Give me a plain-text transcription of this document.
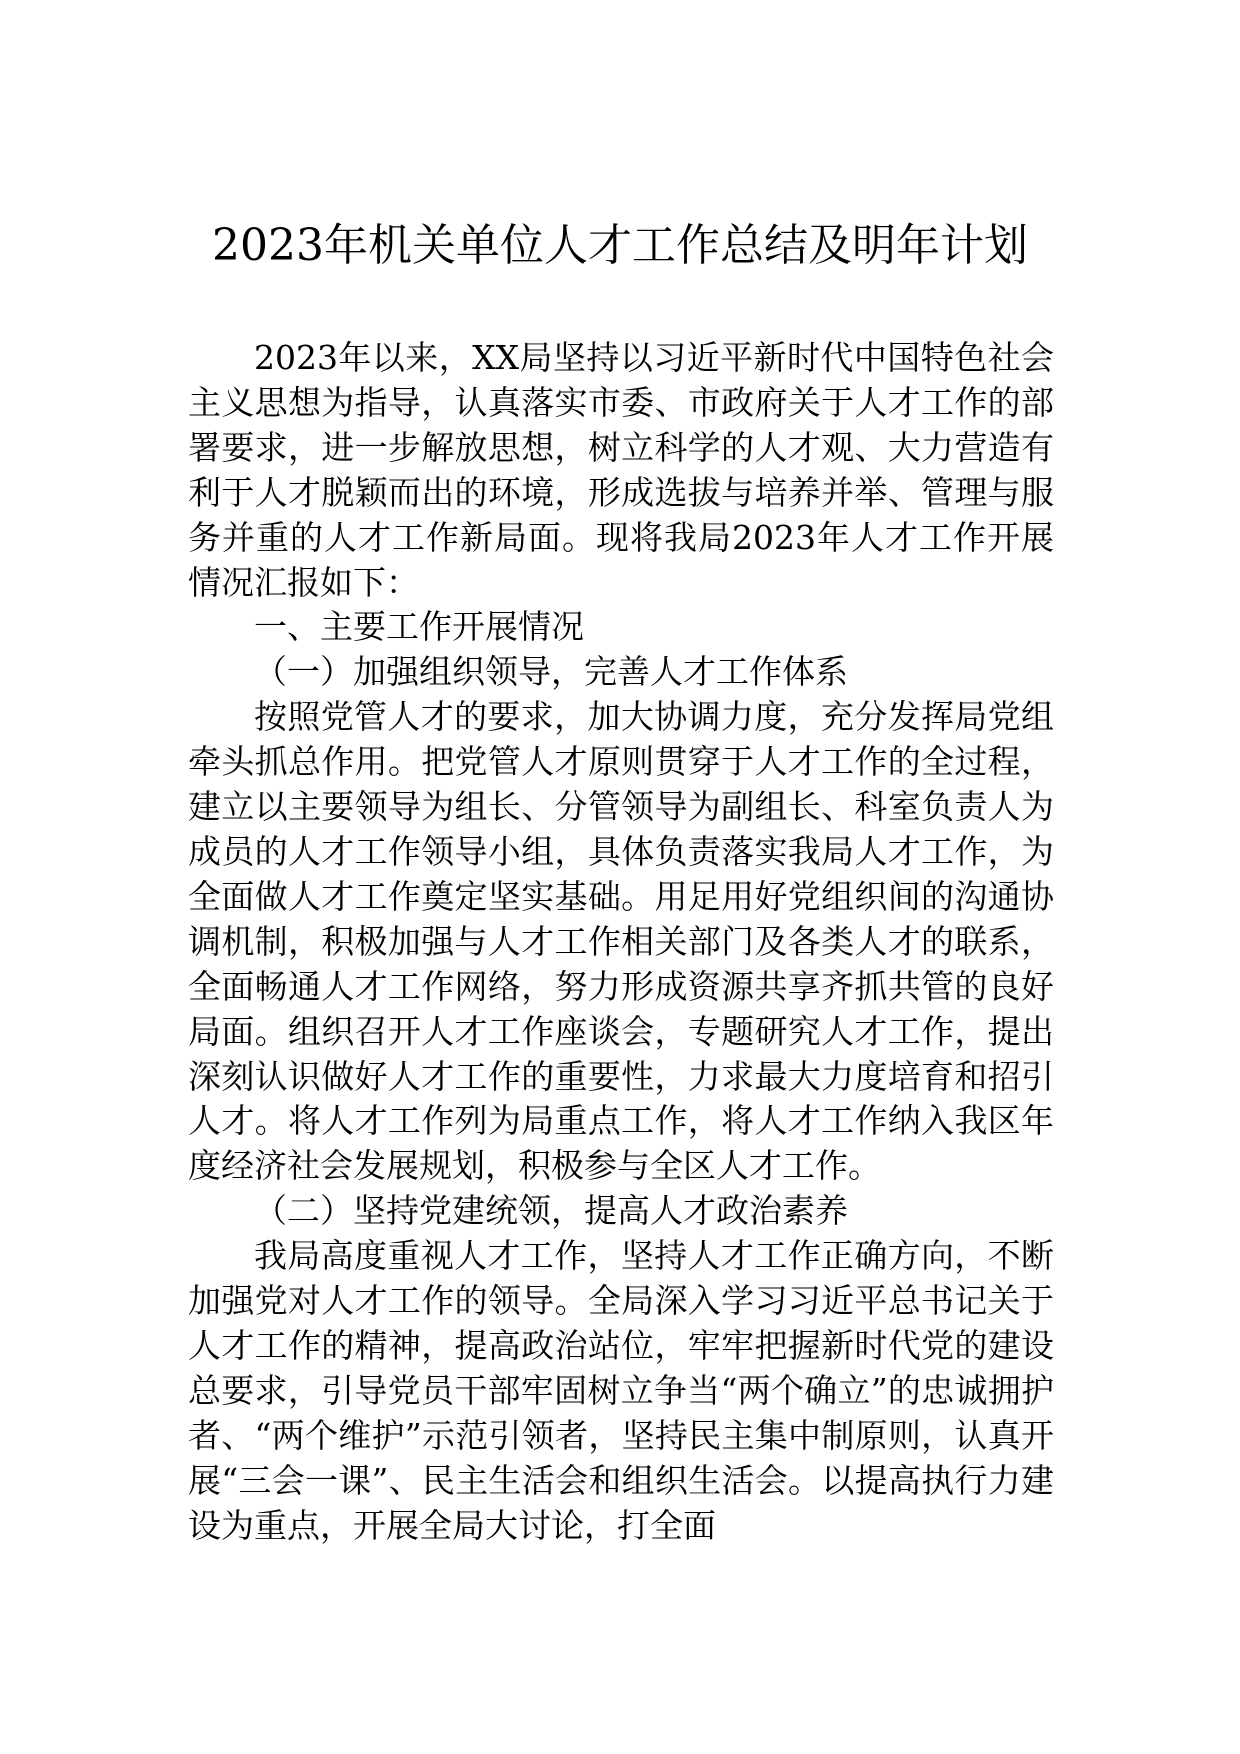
2023年机关单位人才工作总结及明年计划

2023年以来，XX局坚持以习近平新时代中国特色社会主义思想为指导，认真落实市委、市政府关于人才工作的部署要求，进一步解放思想，树立科学的人才观、大力营造有利于人才脱颖而出的环境，形成选拔与培养并举、管理与服务并重的人才工作新局面。现将我局2023年人才工作开展情况汇报如下：

一、主要工作开展情况

（一）加强组织领导，完善人才工作体系

按照党管人才的要求，加大协调力度，充分发挥局党组牵头抓总作用。把党管人才原则贯穿于人才工作的全过程，建立以主要领导为组长、分管领导为副组长、科室负责人为成员的人才工作领导小组，具体负责落实我局人才工作，为全面做人才工作奠定坚实基础。用足用好党组织间的沟通协调机制，积极加强与人才工作相关部门及各类人才的联系，全面畅通人才工作网络，努力形成资源共享齐抓共管的良好局面。组织召开人才工作座谈会，专题研究人才工作，提出深刻认识做好人才工作的重要性，力求最大力度培育和招引人才。将人才工作列为局重点工作，将人才工作纳入我区年度经济社会发展规划，积极参与全区人才工作。

（二）坚持党建统领，提高人才政治素养

我局高度重视人才工作，坚持人才工作正确方向，不断加强党对人才工作的领导。全局深入学习习近平总书记关于人才工作的精神，提高政治站位，牢牢把握新时代党的建设总要求，引导党员干部牢固树立争当“两个确立”的忠诚拥护者、“两个维护”示范引领者，坚持民主集中制原则，认真开展“三会一课”、民主生活会和组织生活会。以提高执行力建设为重点，开展全局大讨论，打全面
